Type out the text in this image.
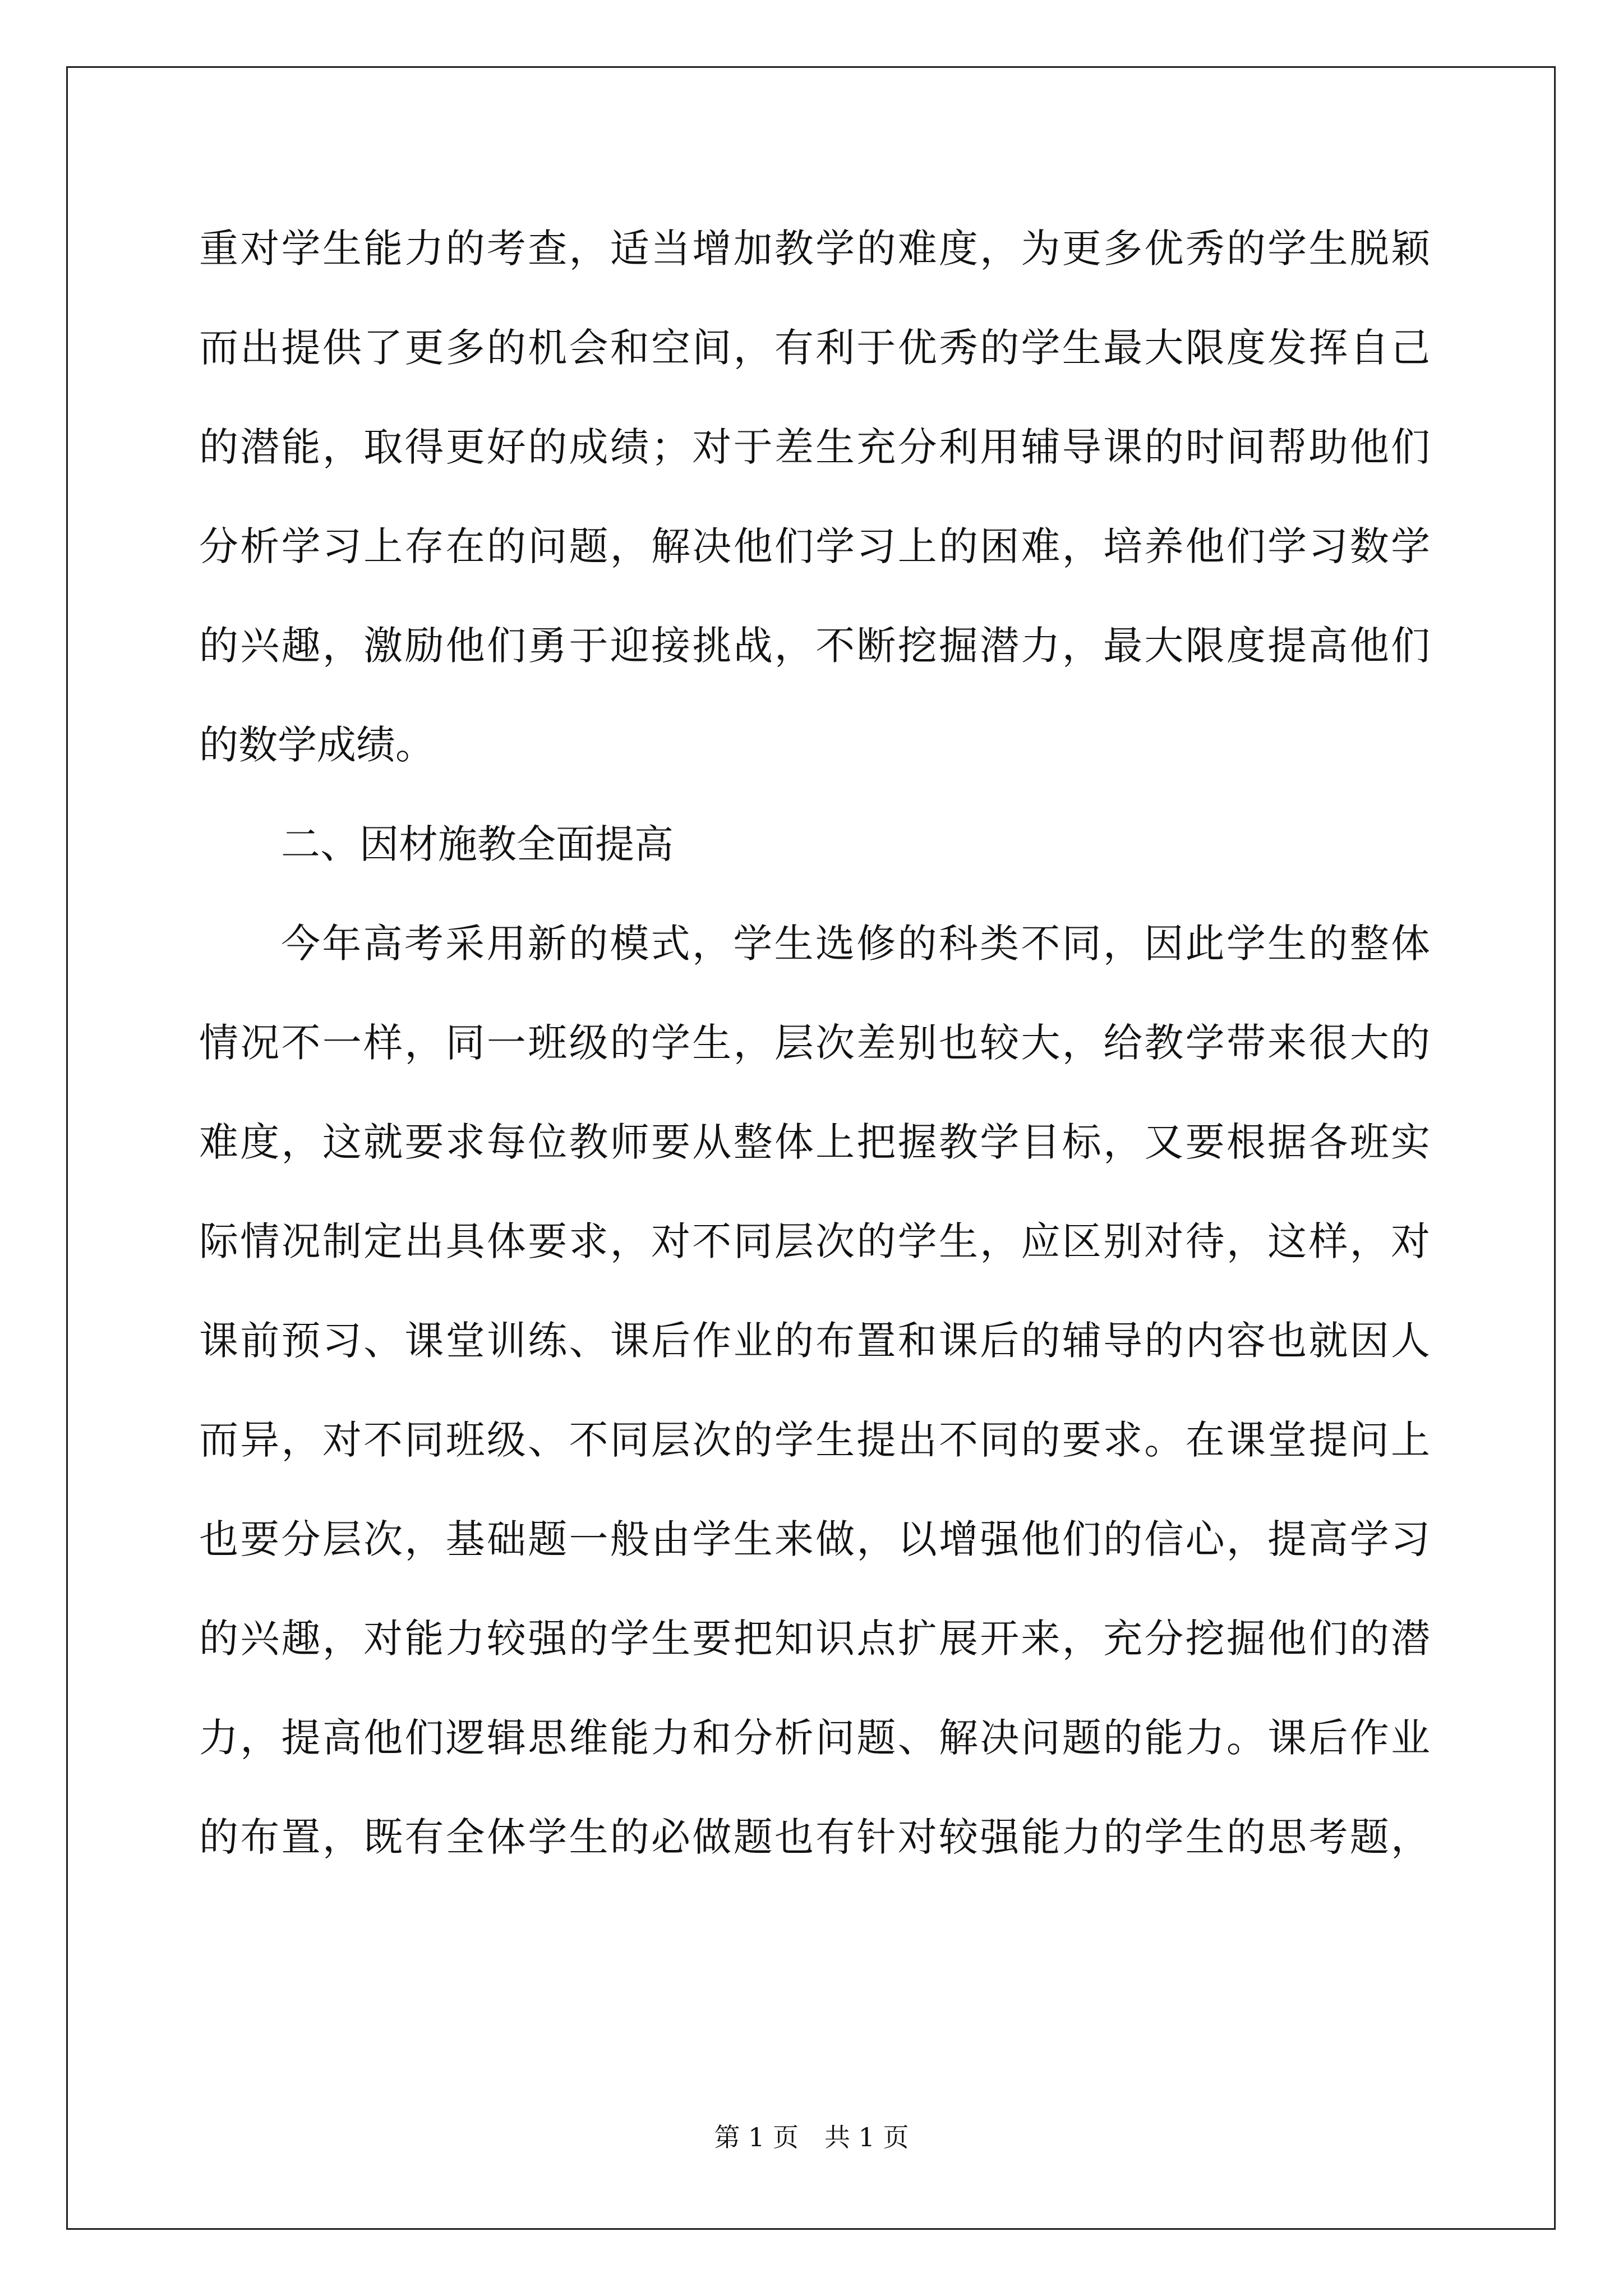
重对学生能力的考查，适当增加教学的难度，为更多优秀的学生脱颖
而出提供了更多的机会和空间，有利于优秀的学生最大限度发挥自己
的潜能，取得更好的成绩；对于差生充分利用辅导课的时间帮助他们
分析学习上存在的问题，解决他们学习上的困难，培养他们学习数学
的兴趣，激励他们勇于迎接挑战，不断挖掘潜力，最大限度提高他们
的数学成绩。
二、因材施教全面提高
今年高考采用新的模式，学生选修的科类不同，因此学生的整体
情况不一样，同一班级的学生，层次差别也较大，给教学带来很大的
难度，这就要求每位教师要从整体上把握教学目标，又要根据各班实
际情况制定出具体要求，对不同层次的学生，应区别对待，这样，对
课前预习、课堂训练、课后作业的布置和课后的辅导的内容也就因人
而异，对不同班级、不同层次的学生提出不同的要求。在课堂提问上
也要分层次，基础题一般由学生来做，以增强他们的信心，提高学习
的兴趣，对能力较强的学生要把知识点扩展开来，充分挖掘他们的潜
力，提高他们逻辑思维能力和分析问题、解决问题的能力。课后作业
的布置，既有全体学生的必做题也有针对较强能力的学生的思考题，
第 1 页　共 1 页
